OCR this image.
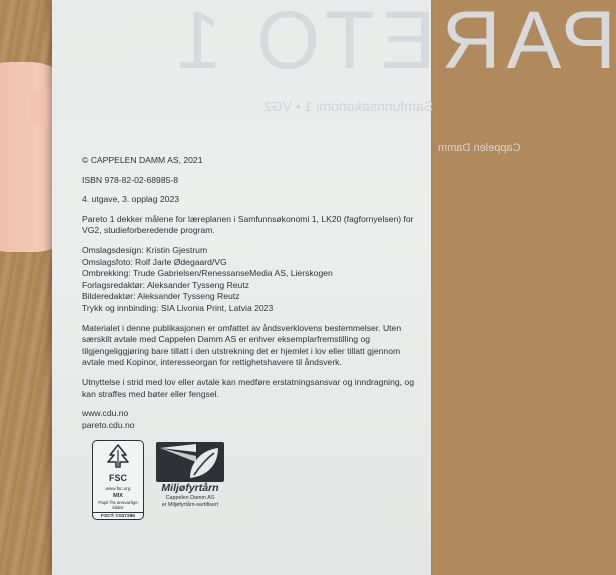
PARETO 1
Samfunnsøkonomi 1 • VG2
Cappelen Damm

© CAPPELEN DAMM AS, 2021

ISBN 978-82-02-68985-8

4. utgave, 3. opplag 2023

Pareto 1 dekker målene for læreplanen i Samfunnsøkonomi 1, LK20 (fagfornyelsen) for VG2, studieforberedende program.

Omslagsdesign: Kristin Gjestrum

Omslagsfoto: Rolf Jarle Ødegaard/VG

Ombrekking: Trude Gabrielsen/RenessanseMedia AS, Lierskogen

Forlagsredaktør: Aleksander Tysseng Reutz

Bilderedaktør: Aleksander Tysseng Reutz

Trykk og innbinding: SIA Livonia Print, Latvia 2023

Materialet i denne publikasjonen er omfattet av åndsverklovens bestemmelser. Uten særskilt avtale med Cappelen Damm AS er enhver eksemplarfremstilling og tilgjengeliggjøring bare tillatt i den utstrekning det er hjemlet i lov eller tillatt gjennom avtale med Kopinor, interesseorgan for rettighetshavere til åndsverk.

Utnyttelse i strid med lov eller avtale kan medføre erstatningsansvar og inndragning, og kan straffes med bøter eller fengsel.

www.cdu.no

pareto.cdu.no

FSC
www.fsc.org
MIX
Papir fra ansvarlige kilder
FSC® C047286
Miljøfyrtårn
Cappelen Damm AS
er Miljøfyrtårn-sertifisert
